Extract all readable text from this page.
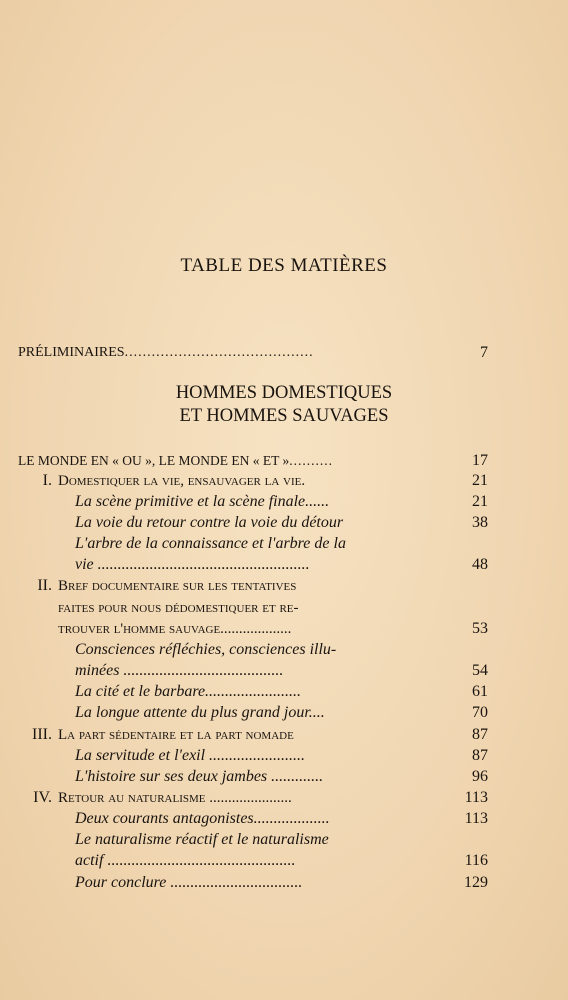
TABLE DES MATIÈRES
PRÉLIMINAIRES..........................................	7
HOMMES DOMESTIQUES
ET HOMMES SAUVAGES
LE MONDE EN « OU », LE MONDE EN « ET »..........	17
I. Domestiquer la vie, ensauvager la vie.	21
La scène primitive et la scène finale......	21
La voie du retour contre la voie du détour	38
L'arbre de la connaissance et l'arbre de la
vie .....................................................	48
II. Bref documentaire sur les tentatives
faites pour nous dédomestiquer et re-
trouver l'homme sauvage...................	53
Consciences réfléchies, consciences illu-
minées ........................................	54
La cité et le barbare........................	61
La longue attente du plus grand jour....	70
III. La part sédentaire et la part nomade	87
La servitude et l'exil ........................	87
L'histoire sur ses deux jambes .............	96
IV. Retour au naturalisme ......................	113
Deux courants antagonistes...................	113
Le naturalisme réactif et le naturalisme
actif ...............................................	116
Pour conclure .................................	129
